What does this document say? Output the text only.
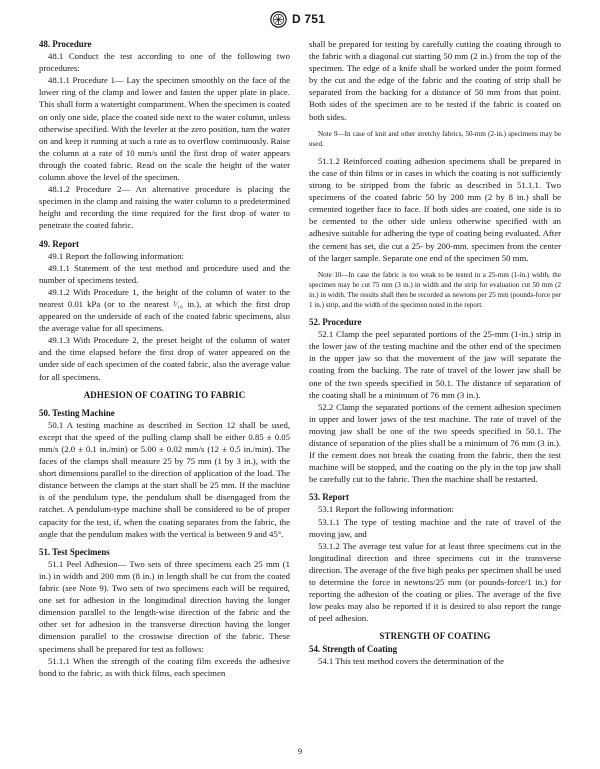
D 751
48. Procedure

48.1 Conduct the test according to one of the following two procedures:

48.1.1 Procedure 1— Lay the specimen smoothly on the face of the lower ring of the clamp and lower and fasten the upper plate in place. This shall form a watertight compartment. When the specimen is coated on only one side, place the coated side next to the water column, unless otherwise specified. With the leveler at the zero position, turn the water on and keep it running at such a rate as to overflow continuously. Raise the column at a rate of 10 mm/s until the first drop of water appears through the coated fabric. Read on the scale the height of the water column above the level of the specimen.

48.1.2 Procedure 2— An alternative procedure is placing the specimen in the clamp and raising the water column to a predetermined height and recording the time required for the first drop of water to penetrate the coated fabric.

49. Report

49.1 Report the following information:

49.1.1 Statement of the test method and procedure used and the number of specimens tested.

49.1.2 With Procedure 1, the height of the column of water to the nearest 0.01 kPa (or to the nearest ¹⁄₁₆ in.), at which the first drop appeared on the underside of each of the coated fabric specimens, also the average value for all specimens.

49.1.3 With Procedure 2, the preset height of the column of water and the time elapsed before the first drop of water appeared on the under side of each specimen of the coated fabric, also the average value for all specimens.

ADHESION OF COATING TO FABRIC
50. Testing Machine

50.1 A testing machine as described in Section 12 shall be used, except that the speed of the pulling clamp shall be either 0.85 ± 0.05 mm/s (2.0 ± 0.1 in./min) or 5.00 ± 0.02 mm/s (12 ± 0.5 in./min). The faces of the clamps shall measure 25 by 75 mm (1 by 3 in.), with the short dimensions parallel to the direction of application of the load. The distance between the clamps at the start shall be 25 mm. If the machine is of the pendulum type, the pendulum shall be disengaged from the ratchet. A pendulum-type machine shall be considered to be of proper capacity for the test, if, when the coating separates from the fabric, the angle that the pendulum makes with the vertical is between 9 and 45°.

51. Test Specimens

51.1 Peel Adhesion— Two sets of three specimens each 25 mm (1 in.) in width and 200 mm (8 in.) in length shall be cut from the coated fabric (see Note 9). Two sets of two specimens each will be required, one set for adhesion in the longitudinal direction having the longer dimension parallel to the length-wise direction of the fabric and the other set for adhesion in the transverse direction having the longer dimension parallel to the crosswise direction of the fabric. These specimens shall be prepared for test as follows:

51.1.1 When the strength of the coating film exceeds the adhesive bond to the fabric, as with thick films, each specimen

shall be prepared for testing by carefully cutting the coating through to the fabric with a diagonal cut starting 50 mm (2 in.) from the top of the specimen. The edge of a knife shall be worked under the point formed by the cut and the edge of the fabric and the coating of strip shall be separated from the backing for a distance of 50 mm from that point. Both sides of the specimen are to be tested if the fabric is coated on both sides.

Note 9—In case of knit and other stretchy fabrics, 50-mm (2-in.) specimens may be used.

51.1.2 Reinforced coating adhesion specimens shall be prepared in the case of thin films or in cases in which the coating is not sufficiently strong to be stripped from the fabric as described in 51.1.1. Two specimens of the coated fabric 50 by 200 mm (2 by 8 in.) shall be cemented together face to face. If both sides are coated, one side is to be cemented to the other side unless otherwise specified with an adhesive suitable for adhering the type of coating being evaluated. After the cement has set, die cut a 25- by 200-mm. specimen from the center of the larger sample. Separate one end of the specimen 50 mm.

Note 10—In case the fabric is too weak to be tested in a 25-mm (1-in.) width, the specimen may be cut 75 mm (3 in.) in width and the strip for evaluation cut 50 mm (2 in.) in width. The results shall then be recorded as newtons per 25 mm (pounds-force per 1 in.) strip, and the width of the specimen noted in the report.

52. Procedure

52.1 Clamp the peel separated portions of the 25-mm (1-in.) strip in the lower jaw of the testing machine and the other end of the specimen in the upper jaw so that the movement of the jaw will separate the coating from the backing. The rate of travel of the lower jaw shall be one of the two speeds specified in 50.1. The distance of separation of the coating shall be a minimum of 76 mm (3 in.).

52.2 Clamp the separated portions of the cement adhesion specimen in upper and lower jaws of the test machine. The rate of travel of the moving jaw shall be one of the two speeds specified in 50.1. The distance of separation of the plies shall be a minimum of 76 mm (3 in.). If the cement does not break the coating from the fabric, then the test machine will be stopped, and the coating on the ply in the top jaw shall be carefully cut to the fabric. Then the machine shall be restarted.

53. Report

53.1 Report the following information:

53.1.1 The type of testing machine and the rate of travel of the moving jaw, and

53.1.2 The average test value for at least three specimens cut in the longitudinal direction and three specimens cut in the transverse direction. The average of the five high peaks per specimen shall be used to determine the force in newtons/25 mm (or pounds-force/1 in.) for reporting the adhesion of the coating or plies. The average of the five low peaks may also be reported if it is desired to also report the range of peel adhesion.

STRENGTH OF COATING
54. Strength of Coating

54.1 This test method covers the determination of the

9
